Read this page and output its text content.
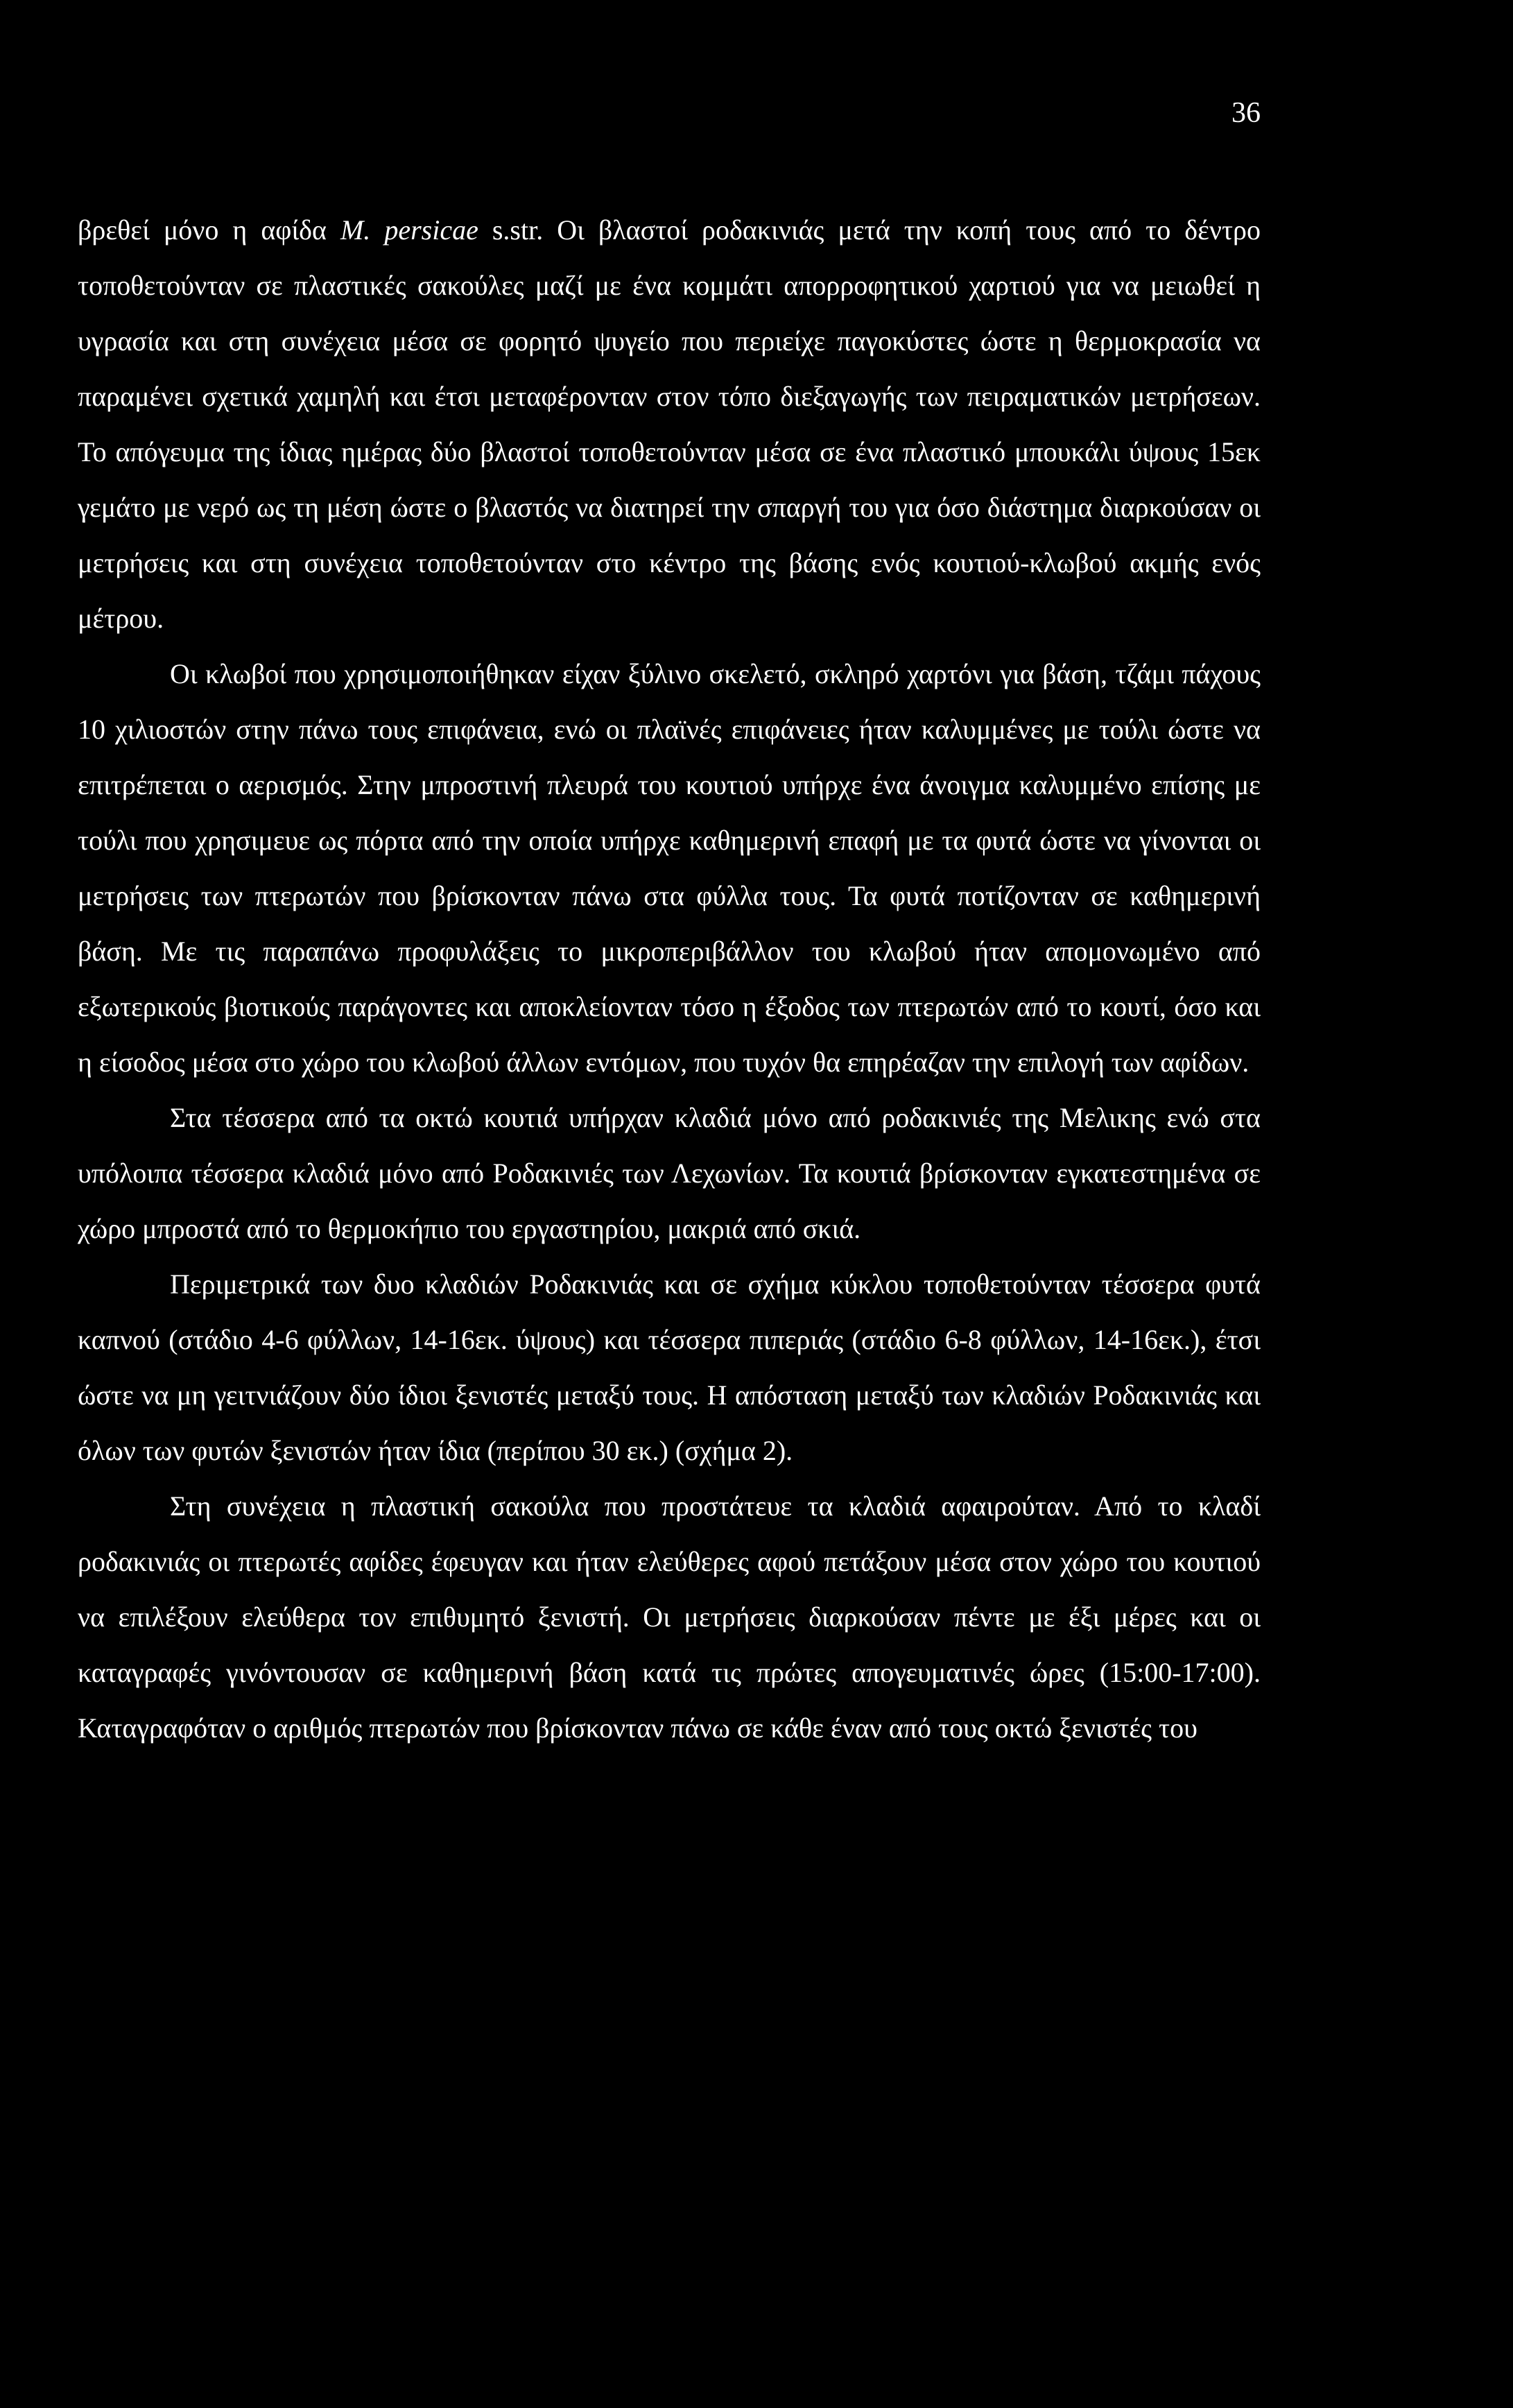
36

βρεθεί μόνο η αφίδα M. persicae s.str. Οι βλαστοί ροδακινιάς μετά την κοπή τους από το δέντρο τοποθετούνταν σε πλαστικές σακούλες μαζί με ένα κομμάτι απορροφητικού χαρτιού για να μειωθεί η υγρασία και στη συνέχεια μέσα σε φορητό ψυγείο που περιείχε παγοκύστες ώστε η θερμοκρασία να παραμένει σχετικά χαμηλή και έτσι μεταφέρονταν στον τόπο διεξαγωγής των πειραματικών μετρήσεων. Το απόγευμα της ίδιας ημέρας δύο βλαστοί τοποθετούνταν μέσα σε ένα πλαστικό μπουκάλι ύψους 15εκ γεμάτο με νερό ως τη μέση ώστε ο βλαστός να διατηρεί την σπαργή του για όσο διάστημα διαρκούσαν οι μετρήσεις και στη συνέχεια τοποθετούνταν στο κέντρο της βάσης ενός κουτιού-κλωβού ακμής ενός μέτρου.

Οι κλωβοί που χρησιμοποιήθηκαν είχαν ξύλινο σκελετό, σκληρό χαρτόνι για βάση, τζάμι πάχους 10 χιλιοστών στην πάνω τους επιφάνεια, ενώ οι πλαϊνές επιφάνειες ήταν καλυμμένες με τούλι ώστε να επιτρέπεται ο αερισμός. Στην μπροστινή πλευρά του κουτιού υπήρχε ένα άνοιγμα καλυμμένο επίσης με τούλι που χρησιμευε ως πόρτα από την οποία υπήρχε καθημερινή επαφή με τα φυτά ώστε να γίνονται οι μετρήσεις των πτερωτών που βρίσκονταν πάνω στα φύλλα τους. Τα φυτά ποτίζονταν σε καθημερινή βάση. Με τις παραπάνω προφυλάξεις το μικροπεριβάλλον του κλωβού ήταν απομονωμένο από εξωτερικούς βιοτικούς παράγοντες και αποκλείονταν τόσο η έξοδος των πτερωτών από το κουτί, όσο και η είσοδος μέσα στο χώρο του κλωβού άλλων εντόμων, που τυχόν θα επηρέαζαν την επιλογή των αφίδων.

Στα τέσσερα από τα οκτώ κουτιά υπήρχαν κλαδιά μόνο από ροδακινιές της Μελικης ενώ στα υπόλοιπα τέσσερα κλαδιά μόνο από Ροδακινιές των Λεχωνίων. Τα κουτιά βρίσκονταν εγκατεστημένα σε χώρο μπροστά από το θερμοκήπιο του εργαστηρίου, μακριά από σκιά.

Περιμετρικά των δυο κλαδιών Ροδακινιάς και σε σχήμα κύκλου τοποθετούνταν τέσσερα φυτά καπνού (στάδιο 4-6 φύλλων, 14-16εκ. ύψους) και τέσσερα πιπεριάς (στάδιο 6-8 φύλλων, 14-16εκ.), έτσι ώστε να μη γειτνιάζουν δύο ίδιοι ξενιστές μεταξύ τους. Η απόσταση μεταξύ των κλαδιών Ροδακινιάς και όλων των φυτών ξενιστών ήταν ίδια (περίπου 30 εκ.) (σχήμα 2).

Στη συνέχεια η πλαστική σακούλα που προστάτευε τα κλαδιά αφαιρούταν. Από το κλαδί ροδακινιάς οι πτερωτές αφίδες έφευγαν και ήταν ελεύθερες αφού πετάξουν μέσα στον χώρο του κουτιού να επιλέξουν ελεύθερα τον επιθυμητό ξενιστή. Οι μετρήσεις διαρκούσαν πέντε με έξι μέρες και οι καταγραφές γινόντουσαν σε καθημερινή βάση κατά τις πρώτες απογευματινές ώρες (15:00-17:00). Καταγραφόταν ο αριθμός πτερωτών που βρίσκονταν πάνω σε κάθε έναν από τους οκτώ ξενιστές του
